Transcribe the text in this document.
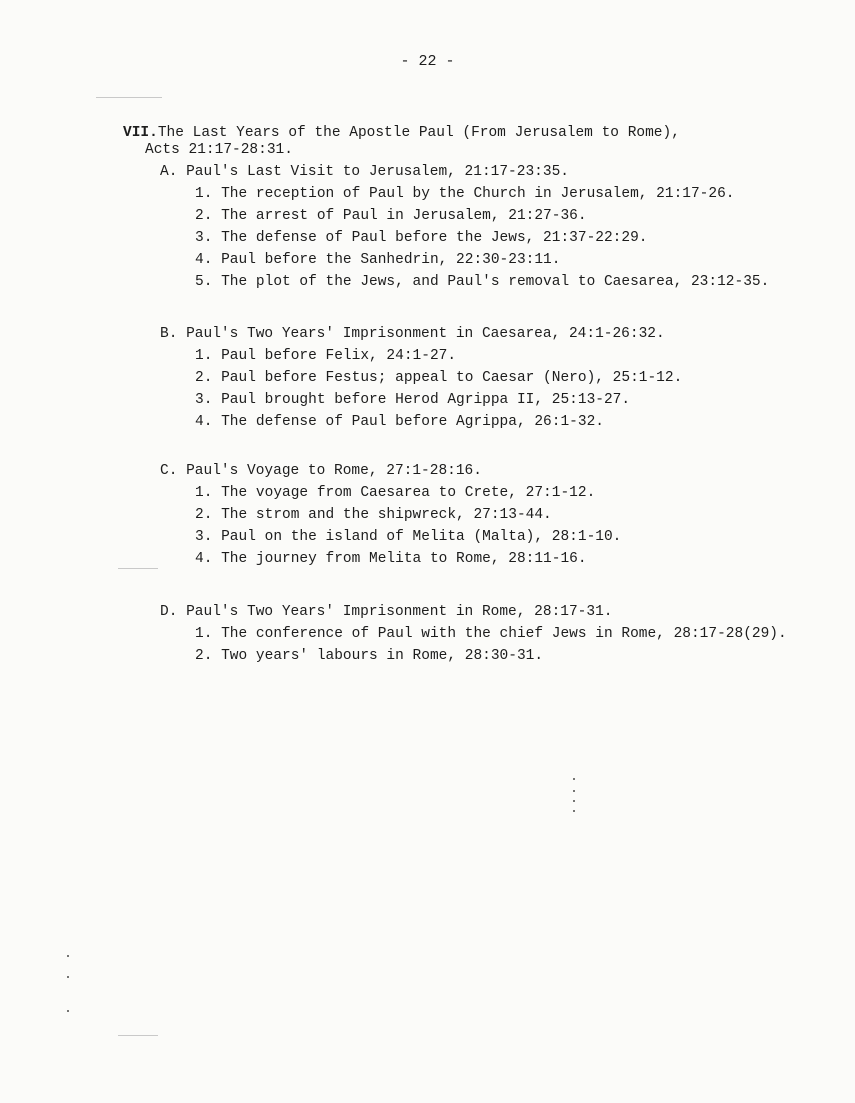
- 22 -
VII.The Last Years of the Apostle Paul (From Jerusalem to Rome),
Acts 21:17-28:31.
A. Paul's Last Visit to Jerusalem, 21:17-23:35.
1. The reception of Paul by the Church in Jerusalem, 21:17-26.
2. The arrest of Paul in Jerusalem, 21:27-36.
3. The defense of Paul before the Jews, 21:37-22:29.
4. Paul before the Sanhedrin, 22:30-23:11.
5. The plot of the Jews, and Paul's removal to Caesarea, 23:12-35.
B. Paul's Two Years' Imprisonment in Caesarea, 24:1-26:32.
1. Paul before Felix, 24:1-27.
2. Paul before Festus; appeal to Caesar (Nero), 25:1-12.
3. Paul brought before Herod Agrippa II, 25:13-27.
4. The defense of Paul before Agrippa, 26:1-32.
C. Paul's Voyage to Rome, 27:1-28:16.
1. The voyage from Caesarea to Crete, 27:1-12.
2. The strom and the shipwreck, 27:13-44.
3. Paul on the island of Melita (Malta), 28:1-10.
4. The journey from Melita to Rome, 28:11-16.
D. Paul's Two Years' Imprisonment in Rome, 28:17-31.
1. The conference of Paul with the chief Jews in Rome, 28:17-28(29).
2. Two years' labours in Rome, 28:30-31.
